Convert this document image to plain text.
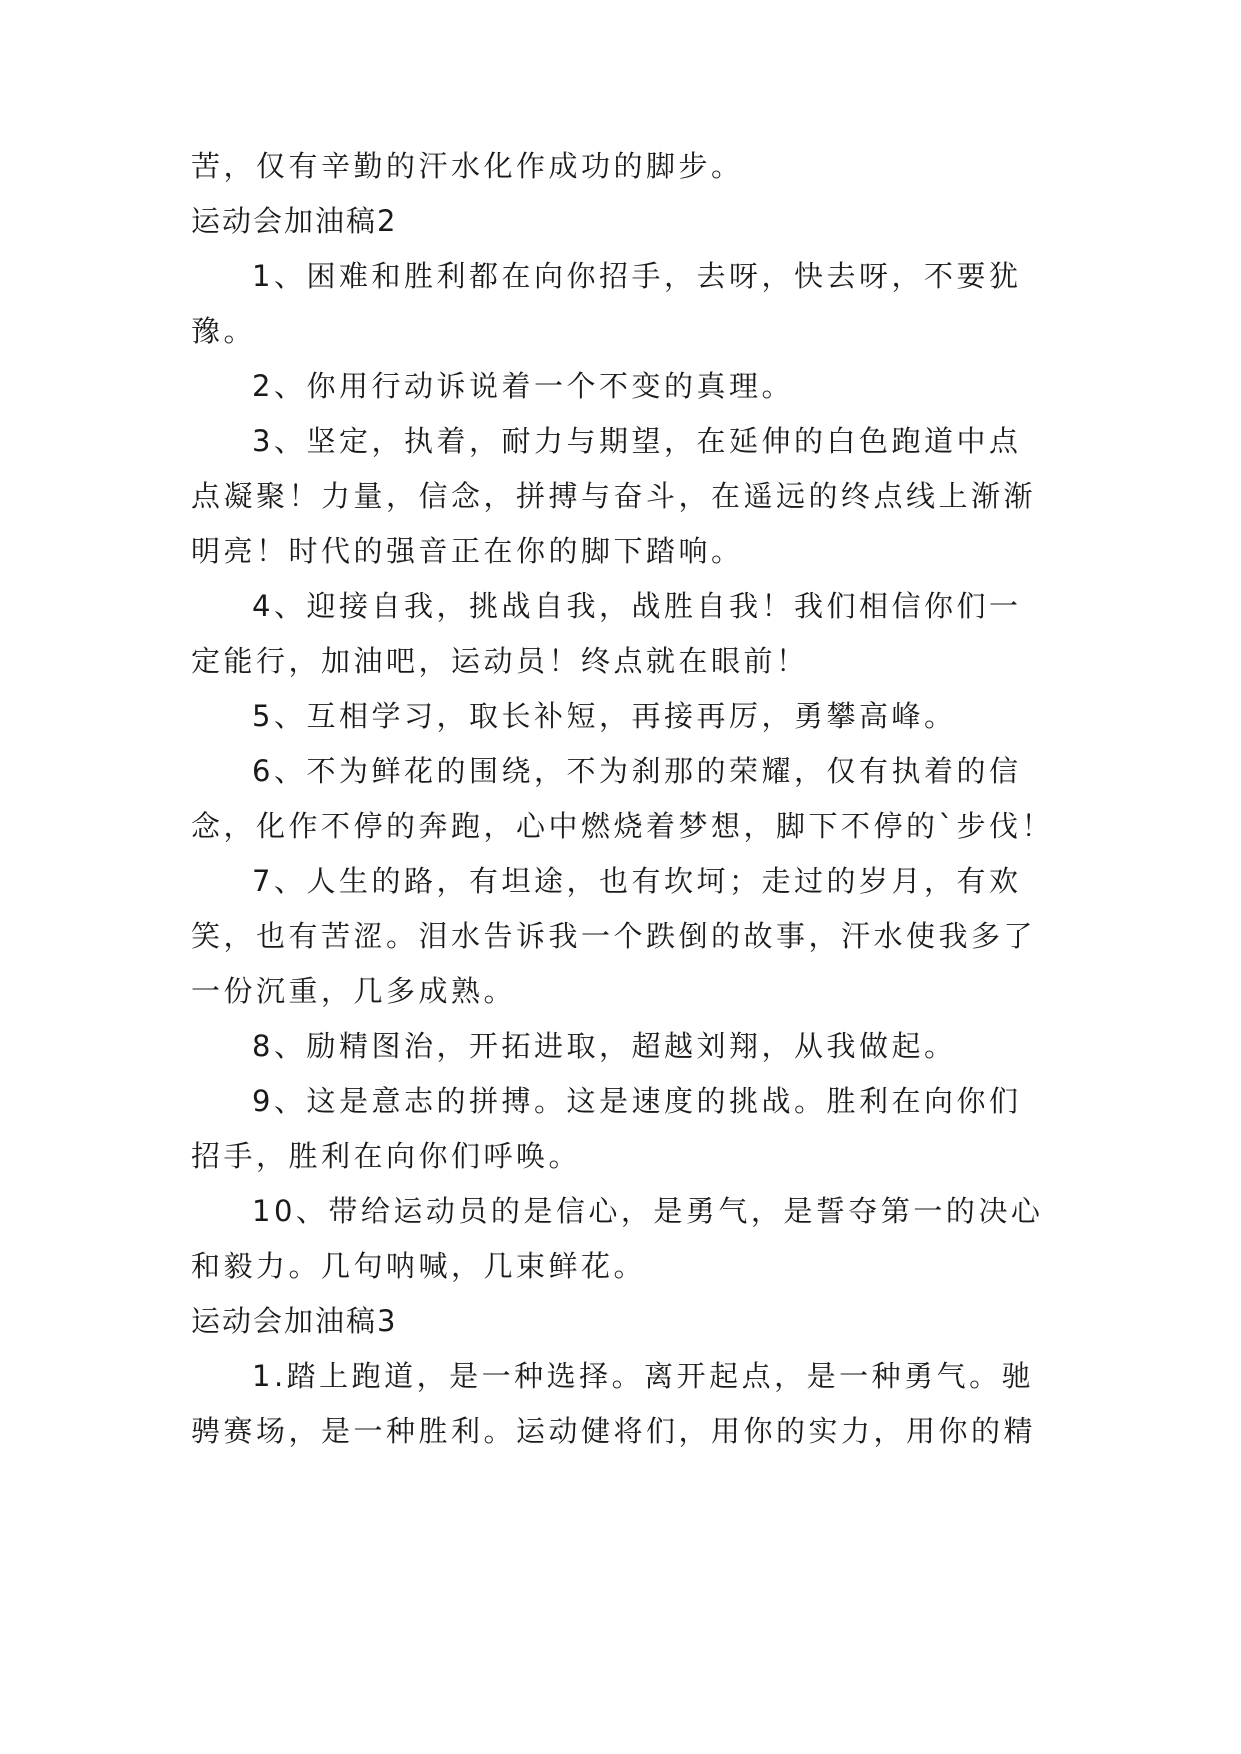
苦，仅有辛勤的汗水化作成功的脚步。
运动会加油稿2
1、困难和胜利都在向你招手，去呀，快去呀，不要犹
豫。
2、你用行动诉说着一个不变的真理。
3、坚定，执着，耐力与期望，在延伸的白色跑道中点
点凝聚！力量，信念，拼搏与奋斗，在遥远的终点线上渐渐
明亮！时代的强音正在你的脚下踏响。
4、迎接自我，挑战自我，战胜自我！我们相信你们一
定能行，加油吧，运动员！终点就在眼前！
5、互相学习，取长补短，再接再厉，勇攀高峰。
6、不为鲜花的围绕，不为刹那的荣耀，仅有执着的信
念，化作不停的奔跑，心中燃烧着梦想，脚下不停的`步伐！
7、人生的路，有坦途，也有坎坷；走过的岁月，有欢
笑，也有苦涩。泪水告诉我一个跌倒的故事，汗水使我多了
一份沉重，几多成熟。
8、励精图治，开拓进取，超越刘翔，从我做起。
9、这是意志的拼搏。这是速度的挑战。胜利在向你们
招手，胜利在向你们呼唤。
10、带给运动员的是信心，是勇气，是誓夺第一的决心
和毅力。几句呐喊，几束鲜花。
运动会加油稿3
1.踏上跑道，是一种选择。离开起点，是一种勇气。驰
骋赛场，是一种胜利。运动健将们，用你的实力，用你的精
